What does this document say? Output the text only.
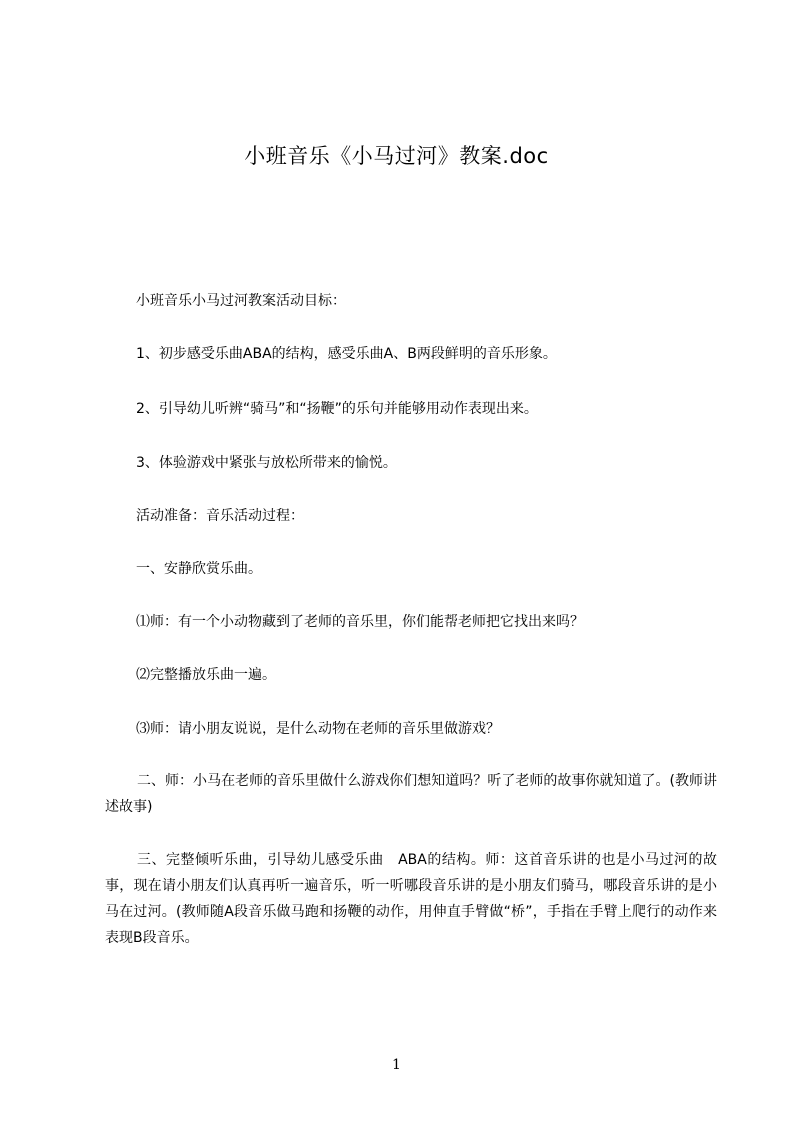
小班音乐《小马过河》教案.doc
小班音乐小马过河教案活动目标：
1、初步感受乐曲ABA的结构，感受乐曲A、B两段鲜明的音乐形象。
2、引导幼儿听辨“骑马”和“扬鞭”的乐句并能够用动作表现出来。
3、体验游戏中紧张与放松所带来的愉悦。
活动准备：音乐活动过程：
一、安静欣赏乐曲。
⑴师：有一个小动物藏到了老师的音乐里，你们能帮老师把它找出来吗？
⑵完整播放乐曲一遍。
⑶师：请小朋友说说，是什么动物在老师的音乐里做游戏？
二、师：小马在老师的音乐里做什么游戏你们想知道吗？听了老师的故事你就知道了。(教师讲述故事)
三、完整倾听乐曲，引导幼儿感受乐曲　ABA的结构。师：这首音乐讲的也是小马过河的故事，现在请小朋友们认真再听一遍音乐，听一听哪段音乐讲的是小朋友们骑马，哪段音乐讲的是小马在过河。(教师随A段音乐做马跑和扬鞭的动作，用伸直手臂做“桥”，手指在手臂上爬行的动作来表现B段音乐。
1
